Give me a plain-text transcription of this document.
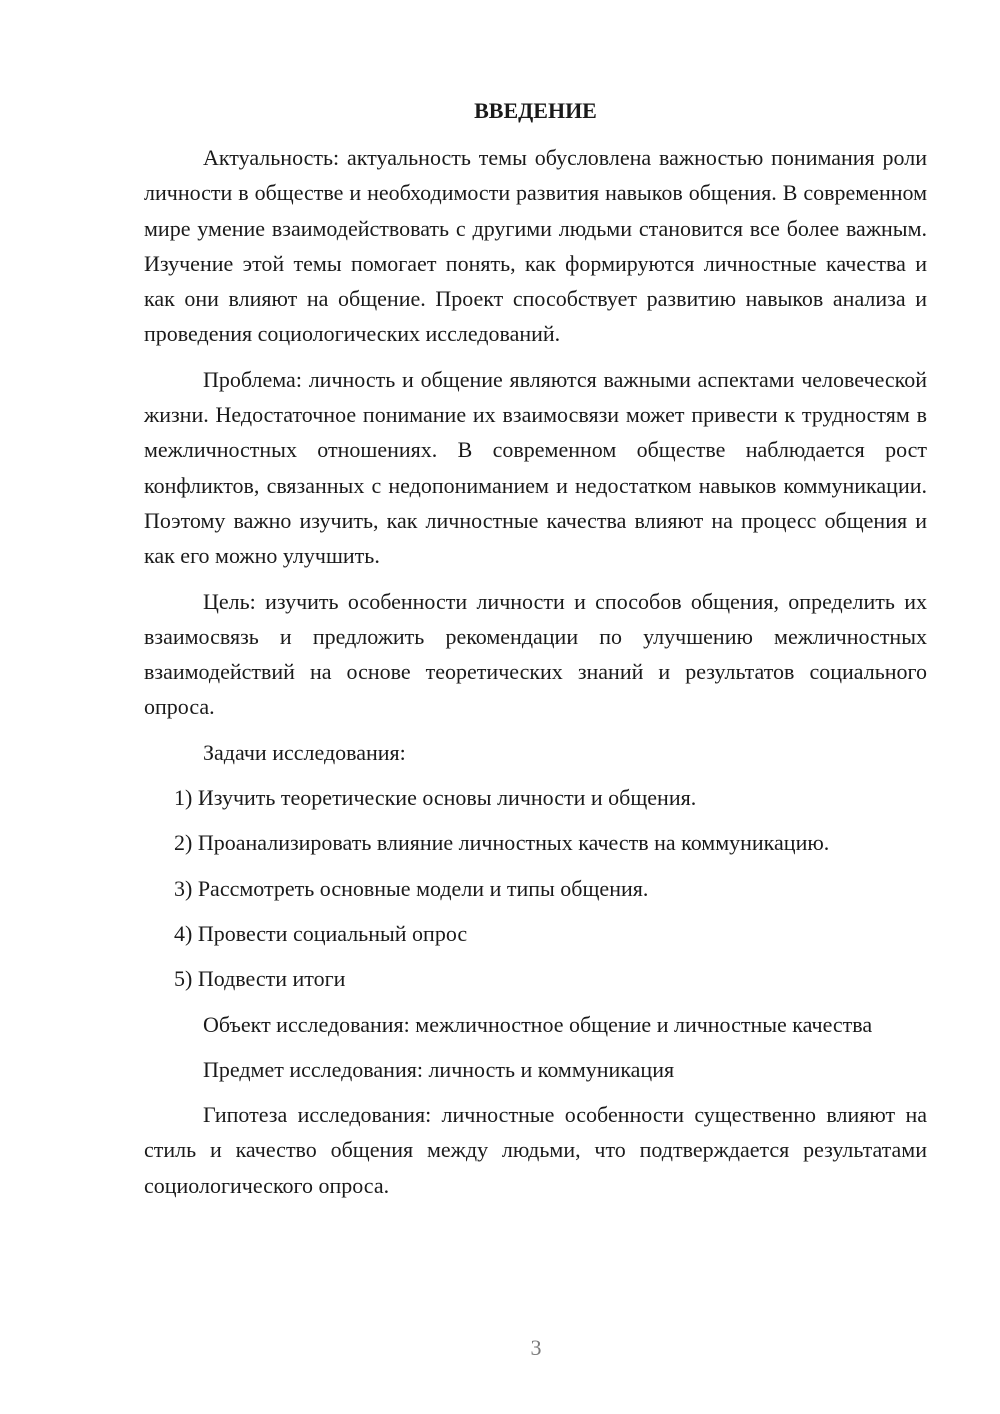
ВВЕДЕНИЕ

Актуальность: актуальность темы обусловлена важностью понимания роли личности в обществе и необходимости развития навыков общения. В современном мире умение взаимодействовать с другими людьми становится все более важным. Изучение этой темы помогает понять, как формируются личностные качества и как они влияют на общение. Проект способствует развитию навыков анализа и проведения социологических исследований.

Проблема: личность и общение являются важными аспектами человеческой жизни. Недостаточное понимание их взаимосвязи может привести к трудностям в межличностных отношениях. В современном обществе наблюдается рост конфликтов, связанных с недопониманием и недостатком навыков коммуникации. Поэтому важно изучить, как личностные качества влияют на процесс общения и как его можно улучшить.

Цель: изучить особенности личности и способов общения, определить их взаимосвязь и предложить рекомендации по улучшению межличностных взаимодействий на основе теоретических знаний и результатов социального опроса.

Задачи исследования:

1) Изучить теоретические основы личности и общения.
2) Проанализировать влияние личностных качеств на коммуникацию.
3) Рассмотреть основные модели и типы общения.
4) Провести социальный опрос
5) Подвести итоги

Объект исследования: межличностное общение и личностные качества

Предмет исследования: личность и коммуникация

Гипотеза исследования: личностные особенности существенно влияют на стиль и качество общения между людьми, что подтверждается результатами социологического опроса.

3
